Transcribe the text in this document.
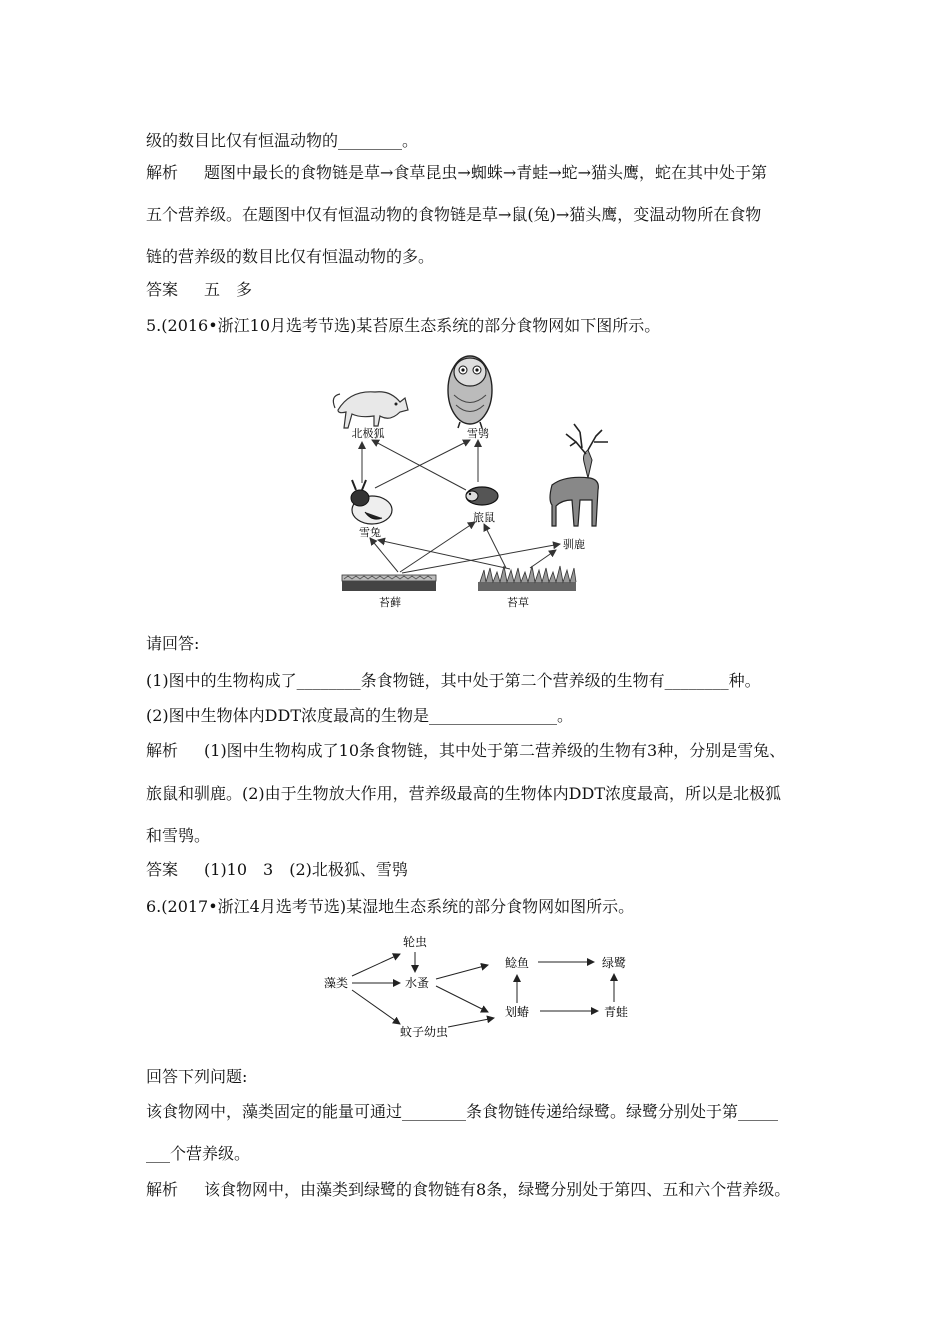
级的数目比仅有恒温动物的________。
解析 题图中最长的食物链是草→食草昆虫→蜘蛛→青蛙→蛇→猫头鹰，蛇在其中处于第
五个营养级。在题图中仅有恒温动物的食物链是草→鼠(兔)→猫头鹰，变温动物所在食物
链的营养级的数目比仅有恒温动物的多。
答案 五　多
5.(2016•浙江10月选考节选)某苔原生态系统的部分食物网如下图所示。
北极狐	雪鸮
雪兔
旅鼠
驯鹿
苔藓	苔草
请回答:
(1)图中的生物构成了________条食物链，其中处于第二个营养级的生物有________种。
(2)图中生物体内DDT浓度最高的生物是________________。
解析 (1)图中生物构成了10条食物链，其中处于第二营养级的生物有3种，分别是雪兔、
旅鼠和驯鹿。(2)由于生物放大作用，营养级最高的生物体内DDT浓度最高，所以是北极狐
和雪鸮。
答案 (1)10　3　(2)北极狐、雪鸮
6.(2017•浙江4月选考节选)某湿地生态系统的部分食物网如图所示。
轮虫
藻类	水蚤
蚊子幼虫
鲶鱼	绿鹭
划蝽	青蛙
回答下列问题:
该食物网中，藻类固定的能量可通过________条食物链传递给绿鹭。绿鹭分别处于第_____
___个营养级。
解析 该食物网中，由藻类到绿鹭的食物链有8条，绿鹭分别处于第四、五和六个营养级。
